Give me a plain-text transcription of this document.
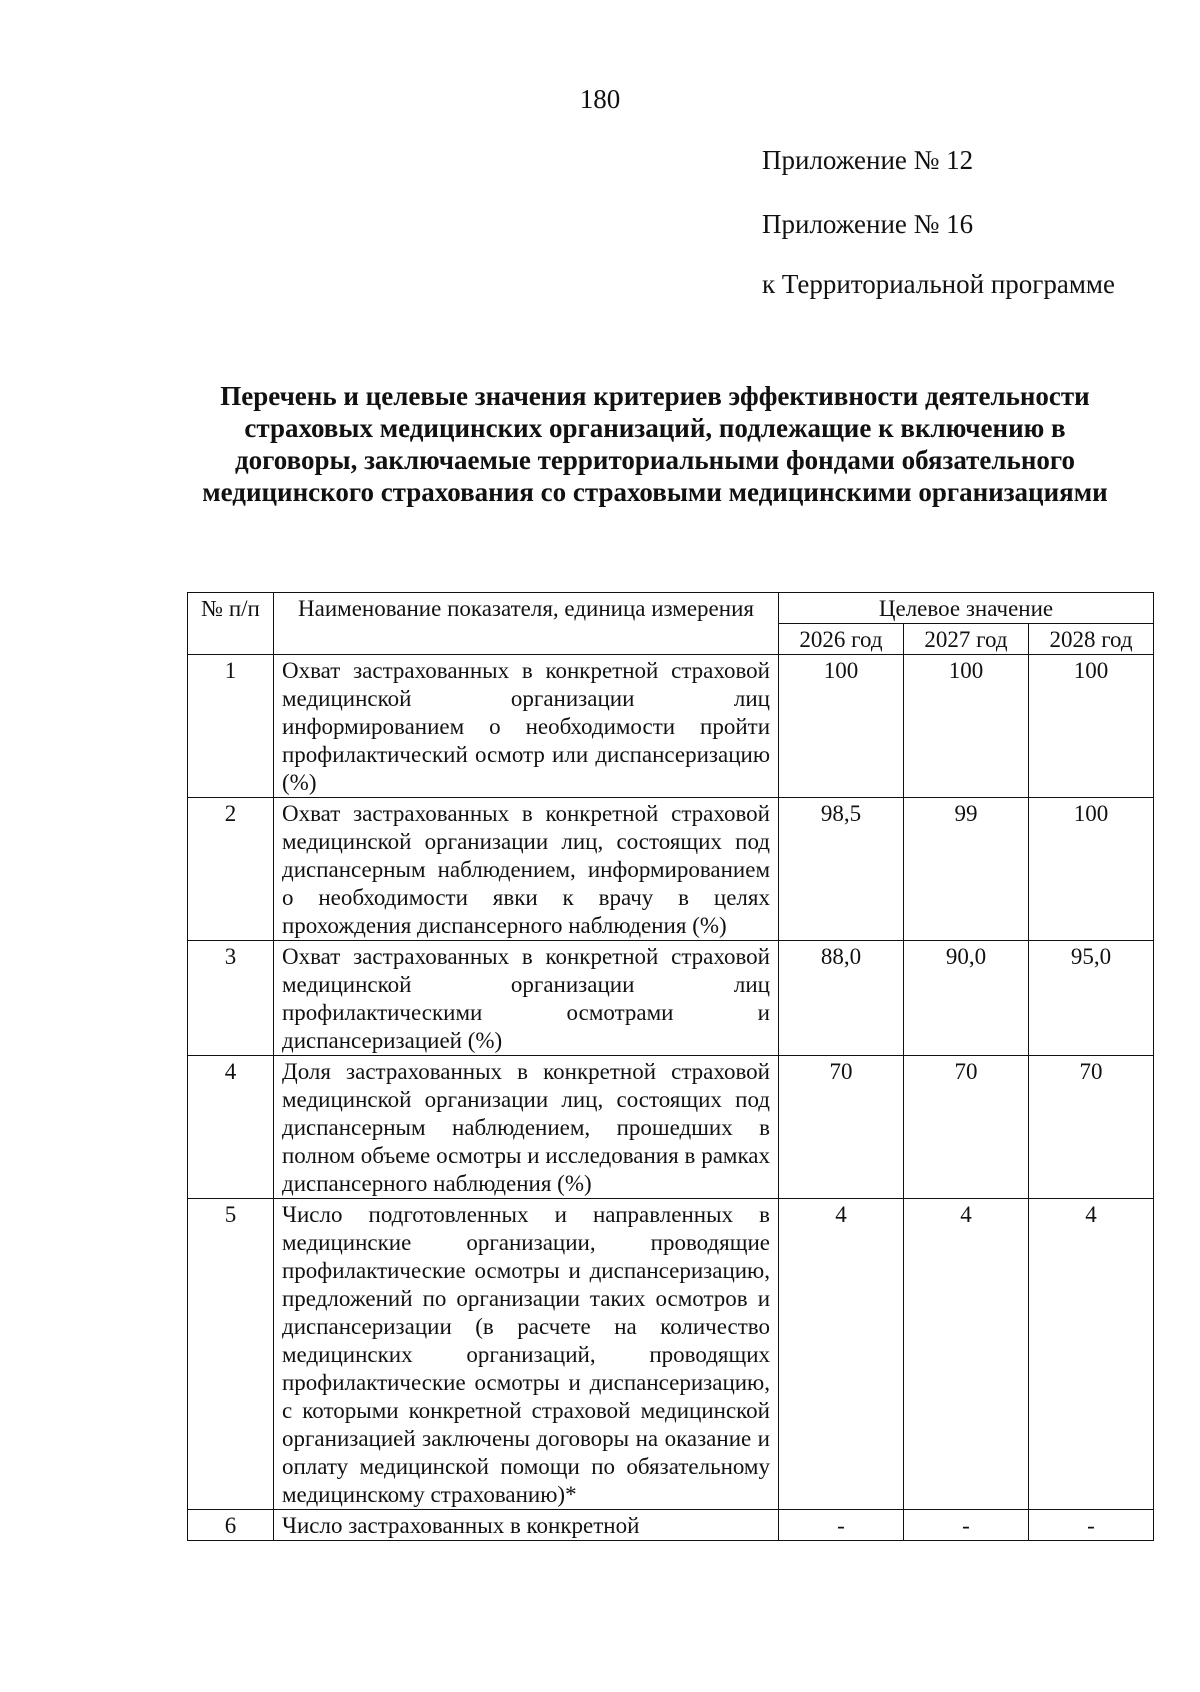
180
Приложение № 12
Приложение № 16
к Территориальной программе
Перечень и целевые значения критериев эффективности деятельности страховых медицинских организаций, подлежащие к включению в договоры, заключаемые территориальными фондами обязательного медицинского страхования со страховыми медицинскими организациями
№ п/п	Наименование показателя, единица измерения	Целевое значение		
		2026 год	2027 год	2028 год
1	Охват застрахованных в конкретной страховой медицинской организации лиц информированием о необходимости пройти профилактический осмотр или диспансеризацию (%)	100	100	100
2	Охват застрахованных в конкретной страховой медицинской организации лиц, состоящих под диспансерным наблюдением, информированием о необходимости явки к врачу в целях прохождения диспансерного наблюдения (%)	98,5	99	100
3	Охват застрахованных в конкретной страховой медицинской организации лиц профилактическими осмотрами и диспансеризацией (%)	88,0	90,0	95,0
4	Доля застрахованных в конкретной страховой медицинской организации лиц, состоящих под диспансерным наблюдением, прошедших в полном объеме осмотры и исследования в рамках диспансерного наблюдения (%)	70	70	70
5	Число подготовленных и направленных в медицинские организации, проводящие профилактические осмотры и диспансеризацию, предложений по организации таких осмотров и диспансеризации (в расчете на количество медицинских организаций, проводящих профилактические осмотры и диспансеризацию, с которыми конкретной страховой медицинской организацией заключены договоры на оказание и оплату медицинской помощи по обязательному медицинскому страхованию)*	4	4	4
6	Число застрахованных в конкретной	-	-	-
